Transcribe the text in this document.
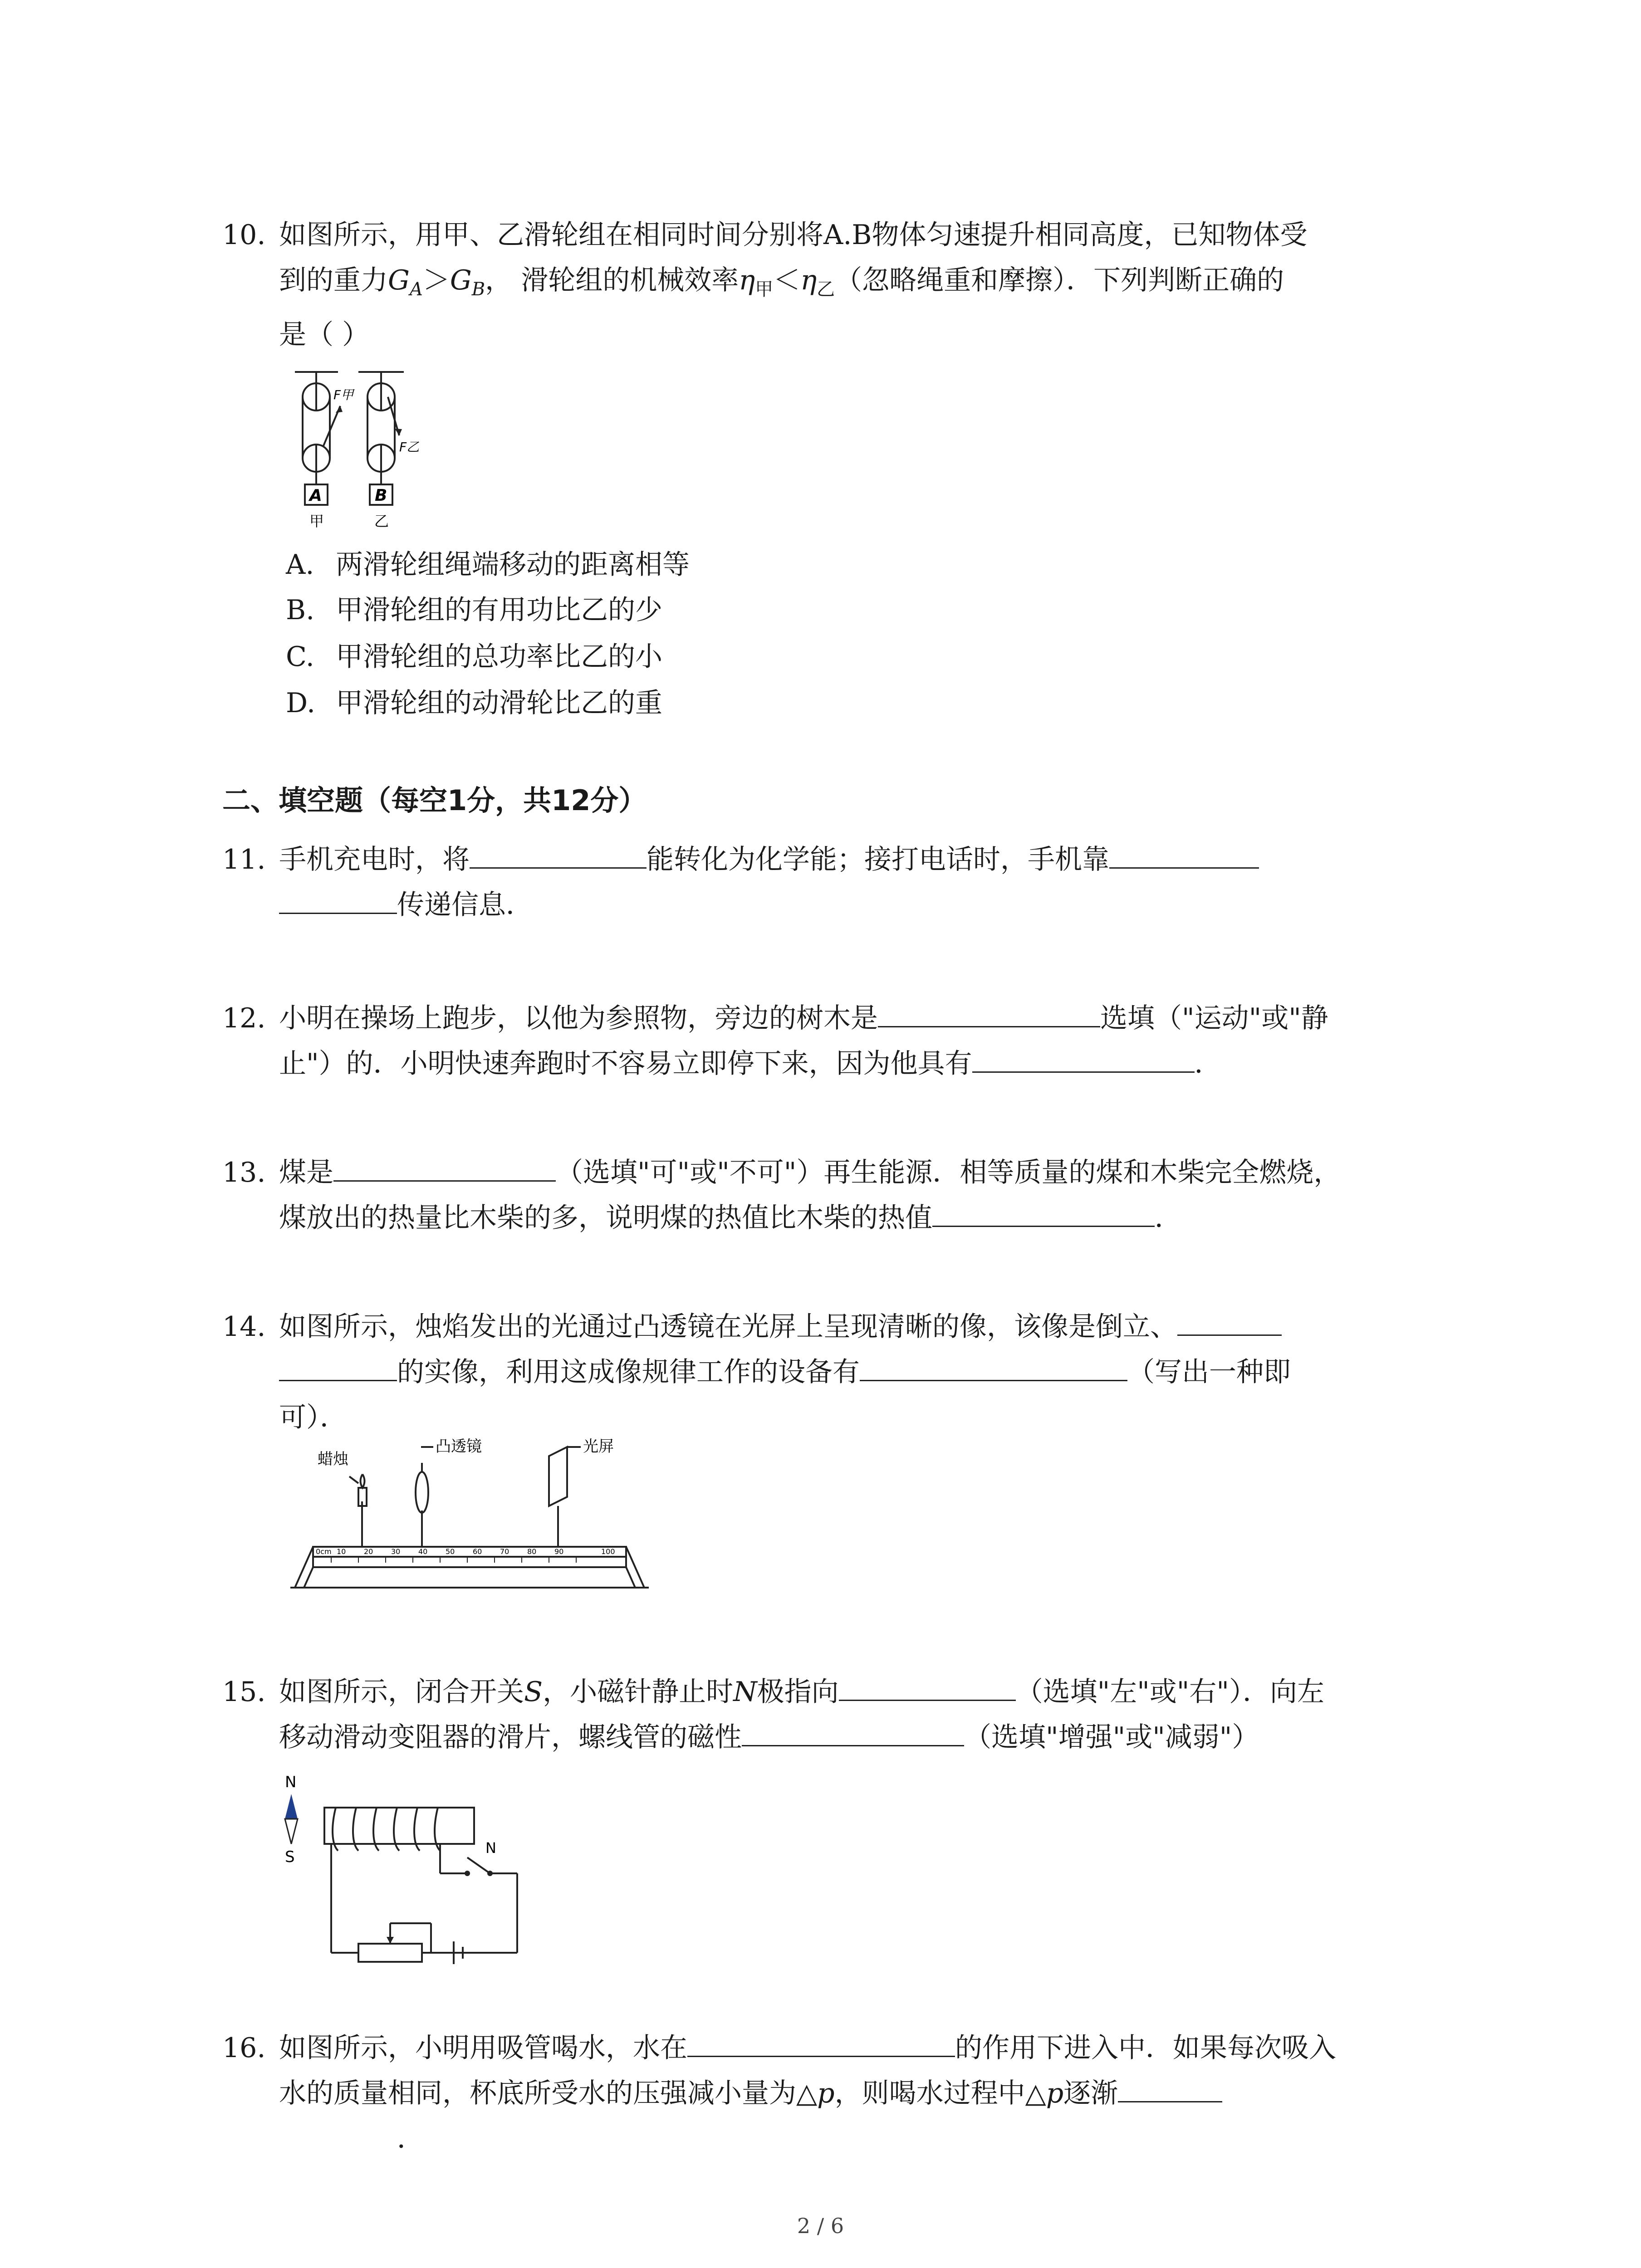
10. 如图所示，用甲、乙滑轮组在相同时间分别将A.B物体匀速提升相同高度，已知物体受
到的重力$G_A>G_B$， 滑轮组的机械效率$\eta_甲<\eta_乙$（忽略绳重和摩擦）．下列判断正确的
是（ ）
A	B
甲	乙
F甲
F乙
A. 两滑轮组绳端移动的距离相等
B. 甲滑轮组的有用功比乙的少
C. 甲滑轮组的总功率比乙的小
D. 甲滑轮组的动滑轮比乙的重
二、填空题（每空1分，共12分）
11. 手机充电时，将	能转化为化学能；接打电话时，手机靠
传递信息．
12. 小明在操场上跑步，以他为参照物，旁边的树木是	选填（"运动"或"静
止"）的．小明快速奔跑时不容易立即停下来，因为他具有	．
13. 煤是	（选填"可"或"不可"）再生能源．相等质量的煤和木柴完全燃烧，
煤放出的热量比木柴的多，说明煤的热值比木柴的热值	．
14. 如图所示，烛焰发出的光通过凸透镜在光屏上呈现清晰的像，该像是倒立、
的实像，利用这成像规律工作的设备有	（写出一种即
可）．
蜡烛
凸透镜	光屏
0cm 10 20 30 40 50 60 70 80 90	100
15. 如图所示，闭合开关S，小磁针静止时N极指向	（选填"左"或"右"）．向左
移动滑动变阻器的滑片，螺线管的磁性	（选填"增强"或"减弱"）
N
S	N
16. 如图所示，小明用吸管喝水，水在	的作用下进入中．如果每次吸入
水的质量相同，杯底所受水的压强减小量为△p，则喝水过程中△p逐渐
．
2 / 6
